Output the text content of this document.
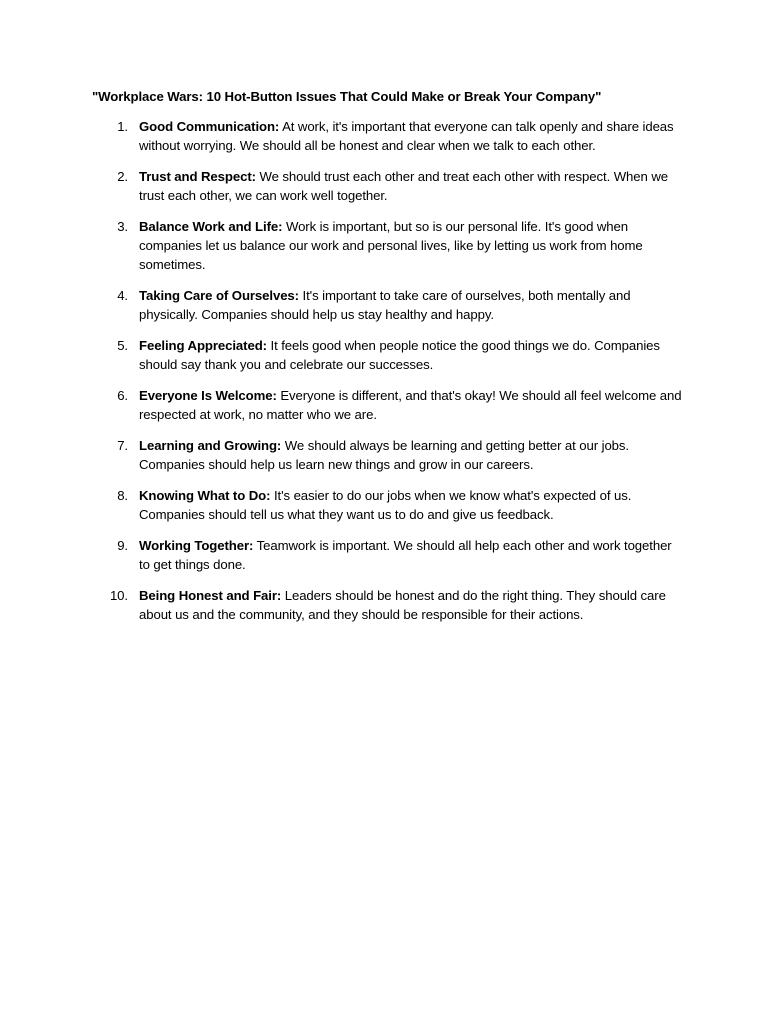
"Workplace Wars: 10 Hot-Button Issues That Could Make or Break Your Company"

1. Good Communication: At work, it's important that everyone can talk openly and share ideas without worrying. We should all be honest and clear when we talk to each other.
2. Trust and Respect: We should trust each other and treat each other with respect. When we trust each other, we can work well together.
3. Balance Work and Life: Work is important, but so is our personal life. It's good when companies let us balance our work and personal lives, like by letting us work from home sometimes.
4. Taking Care of Ourselves: It's important to take care of ourselves, both mentally and physically. Companies should help us stay healthy and happy.
5. Feeling Appreciated: It feels good when people notice the good things we do. Companies should say thank you and celebrate our successes.
6. Everyone Is Welcome: Everyone is different, and that's okay! We should all feel welcome and respected at work, no matter who we are.
7. Learning and Growing: We should always be learning and getting better at our jobs. Companies should help us learn new things and grow in our careers.
8. Knowing What to Do: It's easier to do our jobs when we know what's expected of us. Companies should tell us what they want us to do and give us feedback.
9. Working Together: Teamwork is important. We should all help each other and work together to get things done.
10. Being Honest and Fair: Leaders should be honest and do the right thing. They should care about us and the community, and they should be responsible for their actions.
